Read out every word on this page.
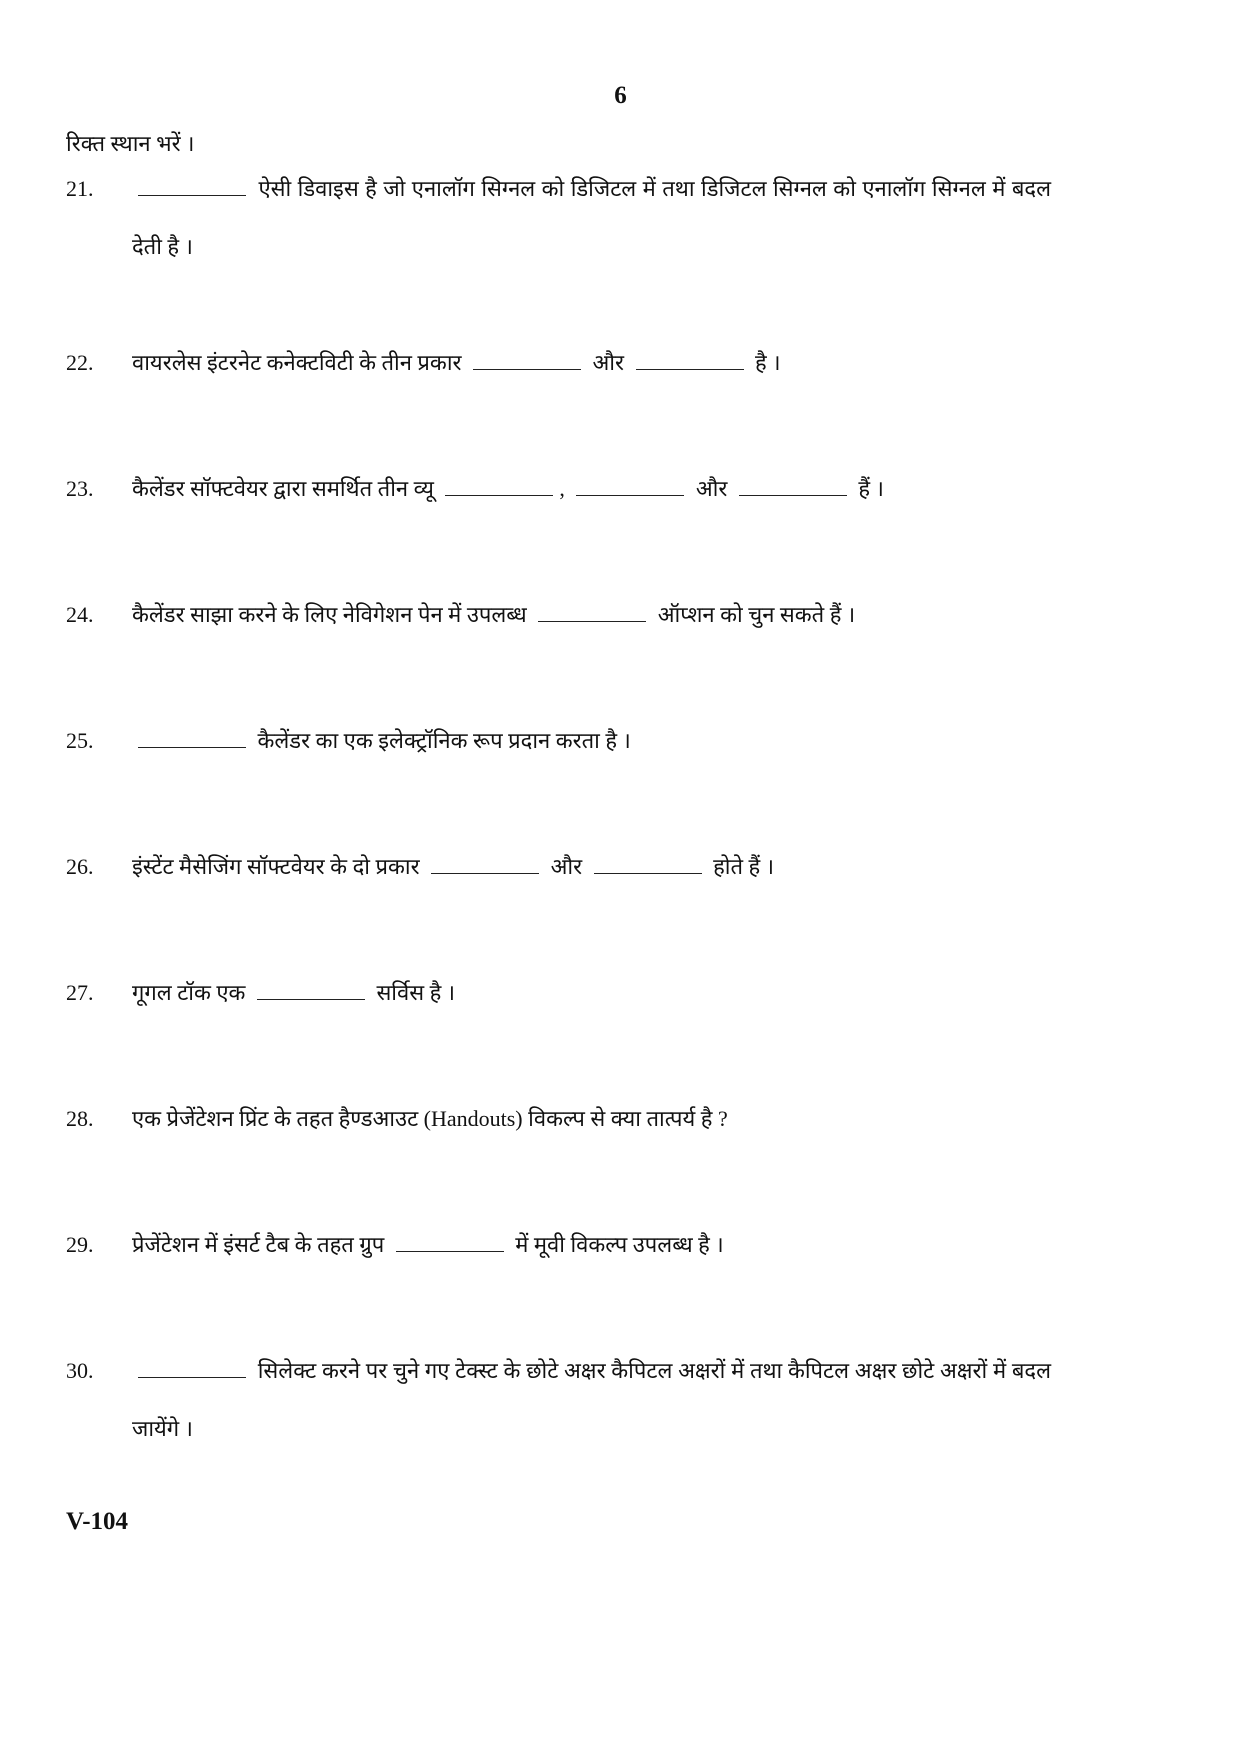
6
रिक्त स्थान भरें ।
21.	ऐसी डिवाइस है जो एनालॉग सिग्नल को डिजिटल में तथा डिजिटल सिग्नल को एनालॉग सिग्नल में बदल देती है ।
22.	वायरलेस इंटरनेट कनेक्टविटी के तीन प्रकार	और	है ।
23.	कैलेंडर सॉफ्टवेयर द्वारा समर्थित तीन व्यू	,	और	हैं ।
24.	कैलेंडर साझा करने के लिए नेविगेशन पेन में उपलब्ध	ऑप्शन को चुन सकते हैं ।
25.	कैलेंडर का एक इलेक्ट्रॉनिक रूप प्रदान करता है ।
26.	इंस्टेंट मैसेजिंग सॉफ्टवेयर के दो प्रकार	और	होते हैं ।
27.	गूगल टॉक एक	सर्विस है ।
28.	एक प्रेजेंटेशन प्रिंट के तहत हैण्डआउट (Handouts) विकल्प से क्या तात्पर्य है ?
29.	प्रेजेंटेशन में इंसर्ट टैब के तहत ग्रुप	में मूवी विकल्प उपलब्ध है ।
30.	सिलेक्ट करने पर चुने गए टेक्स्ट के छोटे अक्षर कैपिटल अक्षरों में तथा कैपिटल अक्षर छोटे अक्षरों में बदल जायेंगे ।
V-104
